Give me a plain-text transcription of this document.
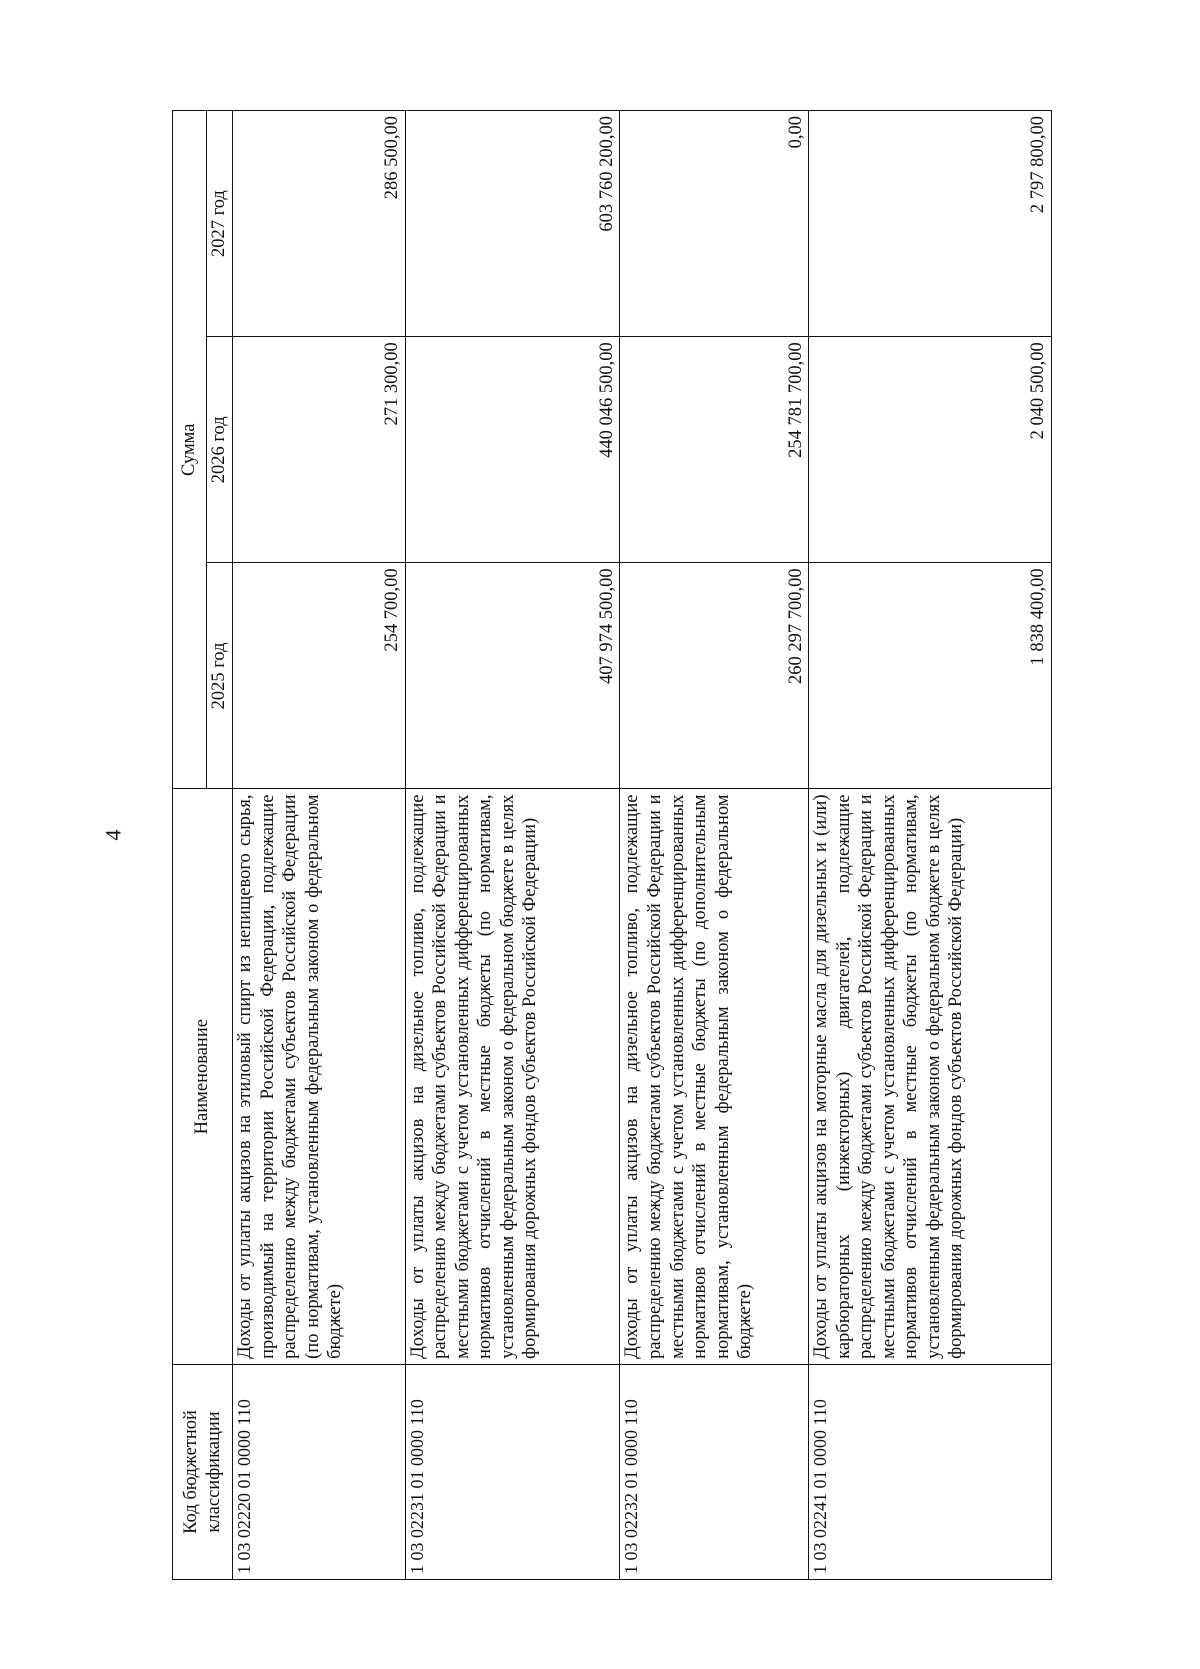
4
Код бюджетной классификации	Наименование	Сумма		
		2025 год	2026 год	2027 год
1 03 02220 01 0000 110	Доходы от уплаты акцизов на этиловый спирт из непищевого сырья, производимый на территории Российской Федерации, подлежащие распределению между бюджетами субъектов Российской Федерации (по нормативам, установленным федеральным законом о федеральном бюджете)	254 700,00	271 300,00	286 500,00
1 03 02231 01 0000 110	Доходы от уплаты акцизов на дизельное топливо, подлежащие распределению между бюджетами субъектов Российской Федерации и местными бюджетами с учетом установленных дифференцированных нормативов отчислений в местные бюджеты (по нормативам, установленным федеральным законом о федеральном бюджете в целях формирования дорожных фондов субъектов Российской Федерации)	407 974 500,00	440 046 500,00	603 760 200,00
1 03 02232 01 0000 110	Доходы от уплаты акцизов на дизельное топливо, подлежащие распределению между бюджетами субъектов Российской Федерации и местными бюджетами с учетом установленных дифференцированных нормативов отчислений в местные бюджеты (по дополнительным нормативам, установленным федеральным законом о федеральном бюджете)	260 297 700,00	254 781 700,00	0,00
1 03 02241 01 0000 110	Доходы от уплаты акцизов на моторные масла для дизельных и (или) карбюраторных (инжекторных) двигателей, подлежащие распределению между бюджетами субъектов Российской Федерации и местными бюджетами с учетом установленных дифференцированных нормативов отчислений в местные бюджеты (по нормативам, установленным федеральным законом о федеральном бюджете в целях формирования дорожных фондов субъектов Российской Федерации)	1 838 400,00	2 040 500,00	2 797 800,00
